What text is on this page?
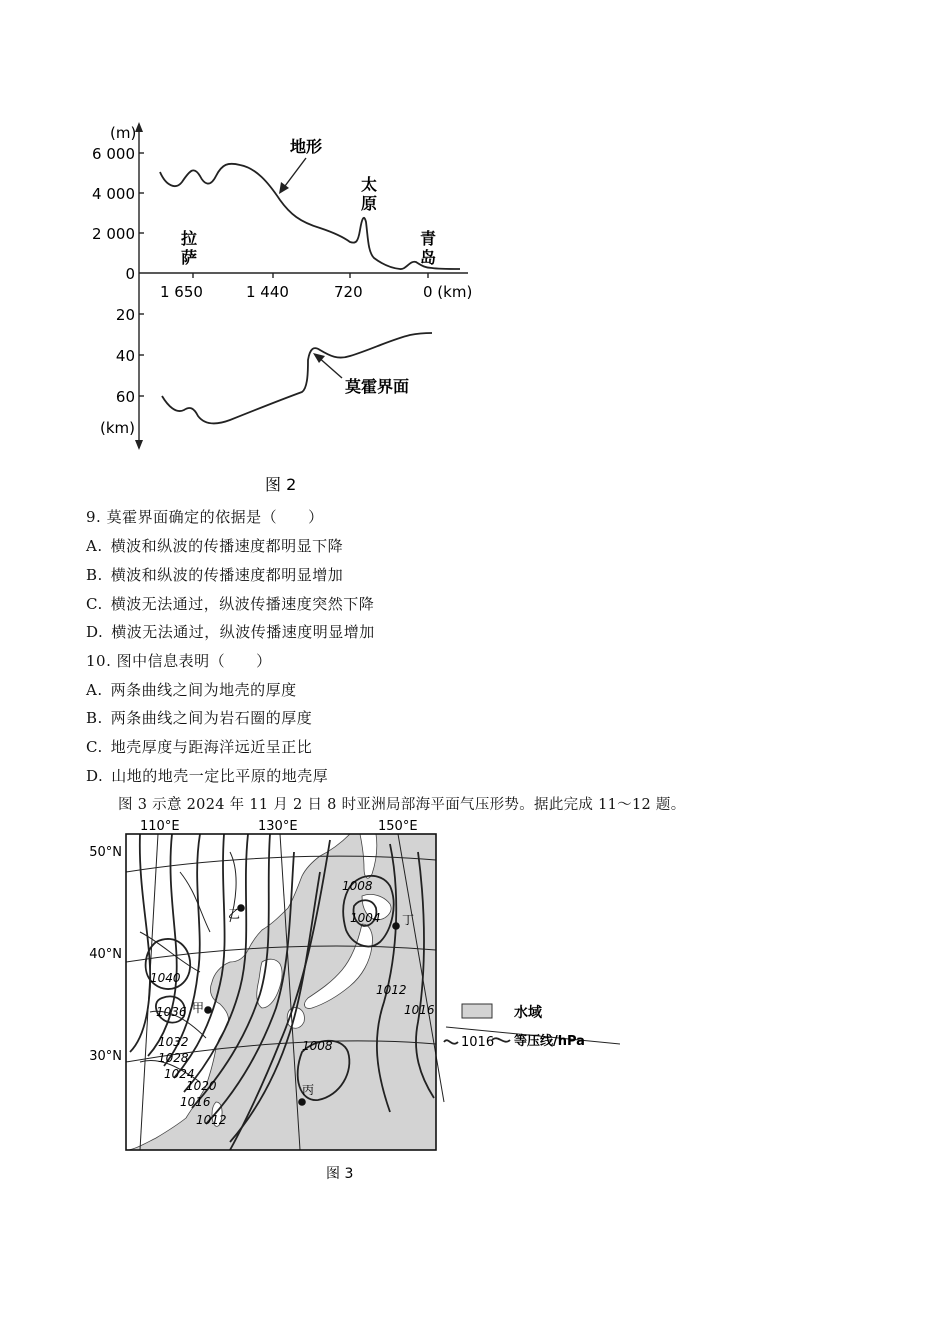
(m)
6 000
4 000
2 000
0
20
40
60
(km)
1 650	1 440	720	0 (km)
地形
太
原
拉
萨
青
岛
莫霍界面
图 2
9. 莫霍界面确定的依据是（　　）
A. 横波和纵波的传播速度都明显下降
B. 横波和纵波的传播速度都明显增加
C. 横波无法通过，纵波传播速度突然下降
D. 横波无法通过，纵波传播速度明显增加
10. 图中信息表明（　　）
A. 两条曲线之间为地壳的厚度
B. 两条曲线之间为岩石圈的厚度
C. 地壳厚度与距海洋远近呈正比
D. 山地的地壳一定比平原的地壳厚
图 3 示意 2024 年 11 月 2 日 8 时亚洲局部海平面气压形势。据此完成 11～12 题。
乙
甲
丙
丁
110°E	130°E	150°E
50°N
40°N
30°N
1040
1036
1032
1028
1024
1020
1016
1012
1008
1004
1008
1012
1016	水域
1016 等压线/hPa
图 3
